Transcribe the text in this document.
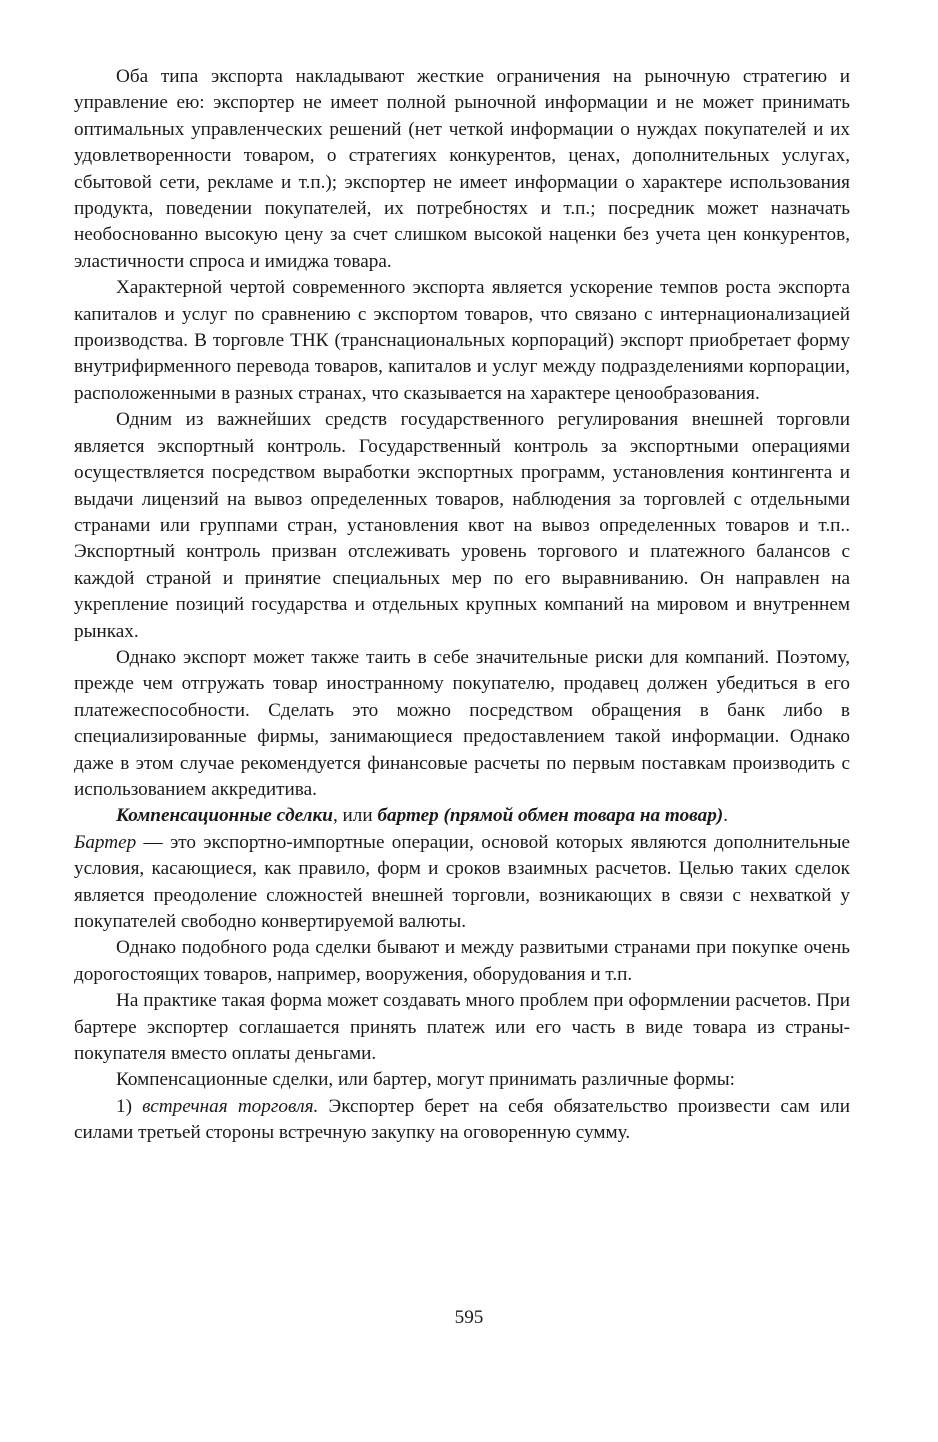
Оба типа экспорта накладывают жесткие ограничения на рыночную стратегию и управление ею: экспортер не имеет полной рыночной информации и не может принимать оптимальных управленческих решений (нет четкой информации о нуждах покупателей и их удовлетворенности товаром, о стратегиях конкурентов, ценах, дополнительных услугах, сбытовой сети, рекламе и т.п.); экспортер не имеет информации о характере использования продукта, поведении покупателей, их потребностях и т.п.; посредник может назначать необоснованно высокую цену за счет слишком высокой наценки без учета цен конкурентов, эластичности спроса и имиджа товара.

Характерной чертой современного экспорта является ускорение темпов роста экспорта капиталов и услуг по сравнению с экспортом товаров, что связано с интернационализацией производства. В торговле ТНК (транснациональных корпораций) экспорт приобретает форму внутрифирменного перевода товаров, капиталов и услуг между подразделениями корпорации, расположенными в разных странах, что сказывается на характере ценообразования.

Одним из важнейших средств государственного регулирования внешней торговли является экспортный контроль. Государственный контроль за экспортными операциями осуществляется посредством выработки экспортных программ, установления контингента и выдачи лицензий на вывоз определенных товаров, наблюдения за торговлей с отдельными странами или группами стран, установления квот на вывоз определенных товаров и т.п.. Экспортный контроль призван отслеживать уровень торгового и платежного балансов с каждой страной и принятие специальных мер по его выравниванию. Он направлен на укрепление позиций государства и отдельных крупных компаний на мировом и внутреннем рынках.

Однако экспорт может также таить в себе значительные риски для компаний. Поэтому, прежде чем отгружать товар иностранному покупателю, продавец должен убедиться в его платежеспособности. Сделать это можно посредством обращения в банк либо в специализированные фирмы, занимающиеся предоставлением такой информации. Однако даже в этом случае рекомендуется финансовые расчеты по первым поставкам производить с использованием аккредитива.

Компенсационные сделки, или бартер (прямой обмен товара на товар).

Бартер — это экспортно-импортные операции, основой которых являются дополнительные условия, касающиеся, как правило, форм и сроков взаимных расчетов. Целью таких сделок является преодоление сложностей внешней торговли, возникающих в связи с нехваткой у покупателей свободно конвертируемой валюты.

Однако подобного рода сделки бывают и между развитыми странами при покупке очень дорогостоящих товаров, например, вооружения, оборудования и т.п.

На практике такая форма может создавать много проблем при оформлении расчетов. При бартере экспортер соглашается принять платеж или его часть в виде товара из страны-покупателя вместо оплаты деньгами.

Компенсационные сделки, или бартер, могут принимать различные формы:

1) встречная торговля. Экспортер берет на себя обязательство произвести сам или силами третьей стороны встречную закупку на оговоренную сумму.

595
